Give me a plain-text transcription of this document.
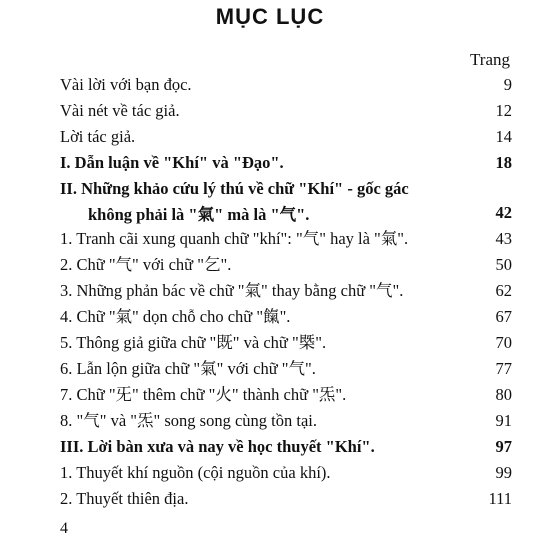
MỤC LỤC
Trang
Vài lời với bạn đọc.	9
Vài nét về tác giả.	12
Lời tác giả.	14
I. Dẫn luận về "Khí" và "Đạo".	18
II. Những khảo cứu lý thú về chữ "Khí" - gốc gác
không phải là "氣" mà là "气".	42
1. Tranh cãi xung quanh chữ "khí": "气" hay là "氣".	43
2. Chữ "气" với chữ "乞".	50
3. Những phản bác về chữ "氣" thay bằng chữ "气".	62
4. Chữ "氣" dọn chỗ cho chữ "餼".	67
5. Thông giả giữa chữ "既" và chữ "槩".	70
6. Lẫn lộn giữa chữ "氣" với chữ "气".	77
7. Chữ "旡" thêm chữ "火" thành chữ "炁".	80
8. "气" và "炁" song song cùng tồn tại.	91
III. Lời bàn xưa và nay về học thuyết "Khí".	97
1. Thuyết khí nguồn (cội nguồn của khí).	99
2. Thuyết thiên địa.	111
4
